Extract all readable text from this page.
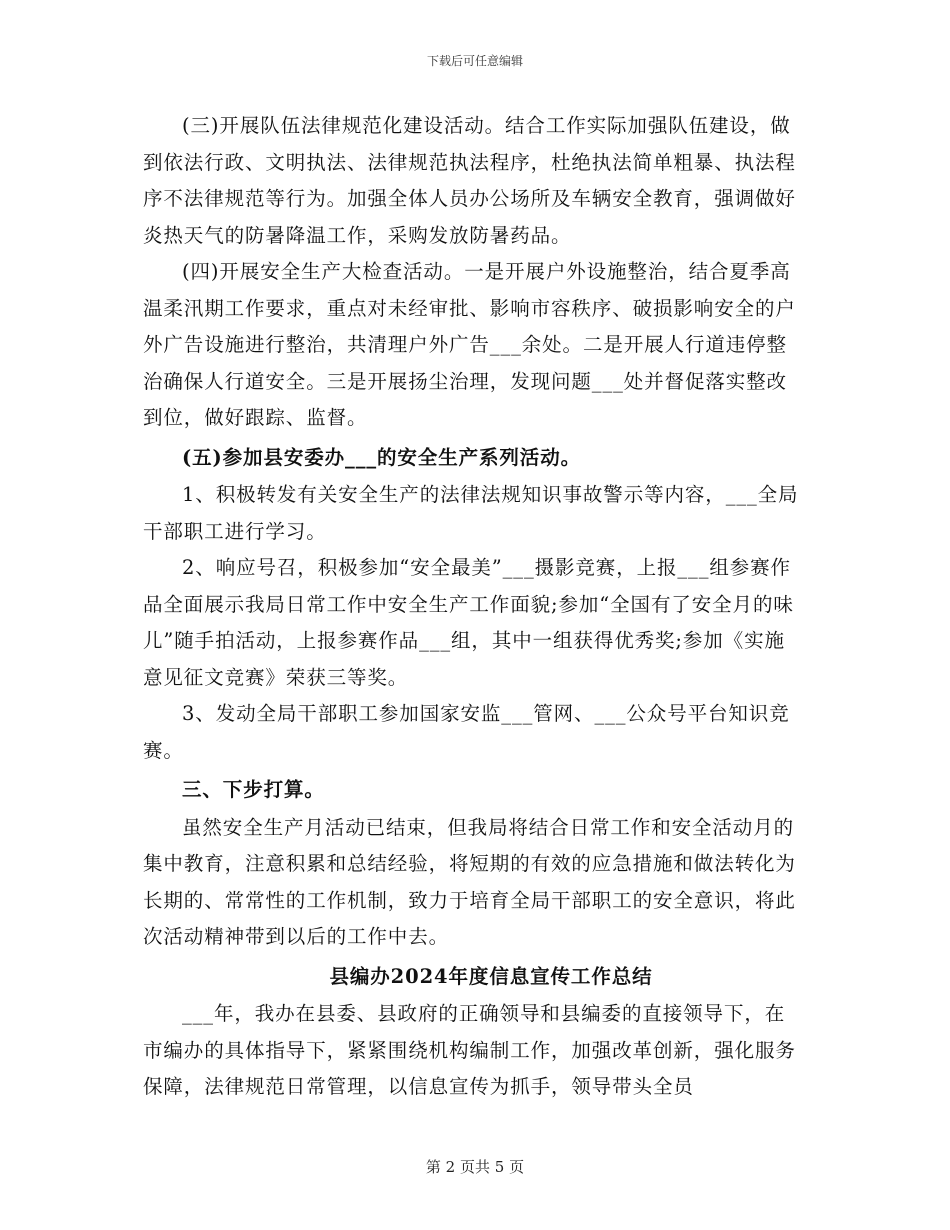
下载后可任意编辑

(三)开展队伍法律规范化建设活动。结合工作实际加强队伍建设，做到依法行政、文明执法、法律规范执法程序，杜绝执法简单粗暴、执法程序不法律规范等行为。加强全体人员办公场所及车辆安全教育，强调做好炎热天气的防暑降温工作，采购发放防暑药品。

(四)开展安全生产大检查活动。一是开展户外设施整治，结合夏季高温柔汛期工作要求，重点对未经审批、影响市容秩序、破损影响安全的户外广告设施进行整治，共清理户外广告___余处。二是开展人行道违停整治确保人行道安全。三是开展扬尘治理，发现问题___处并督促落实整改到位，做好跟踪、监督。

(五)参加县安委办___的安全生产系列活动。

1、积极转发有关安全生产的法律法规知识事故警示等内容，___全局干部职工进行学习。

2、响应号召，积极参加“安全最美”___摄影竞赛，上报___组参赛作品全面展示我局日常工作中安全生产工作面貌;参加“全国有了安全月的味儿”随手拍活动，上报参赛作品___组，其中一组获得优秀奖;参加《实施意见征文竞赛》荣获三等奖。

3、发动全局干部职工参加国家安监___管网、___公众号平台知识竞赛。

三、下步打算。

虽然安全生产月活动已结束，但我局将结合日常工作和安全活动月的集中教育，注意积累和总结经验，将短期的有效的应急措施和做法转化为长期的、常常性的工作机制，致力于培育全局干部职工的安全意识，将此次活动精神带到以后的工作中去。

县编办2024年度信息宣传工作总结

___年，我办在县委、县政府的正确领导和县编委的直接领导下，在市编办的具体指导下，紧紧围绕机构编制工作，加强改革创新，强化服务保障，法律规范日常管理，以信息宣传为抓手，领导带头全员

第 2 页共 5 页
